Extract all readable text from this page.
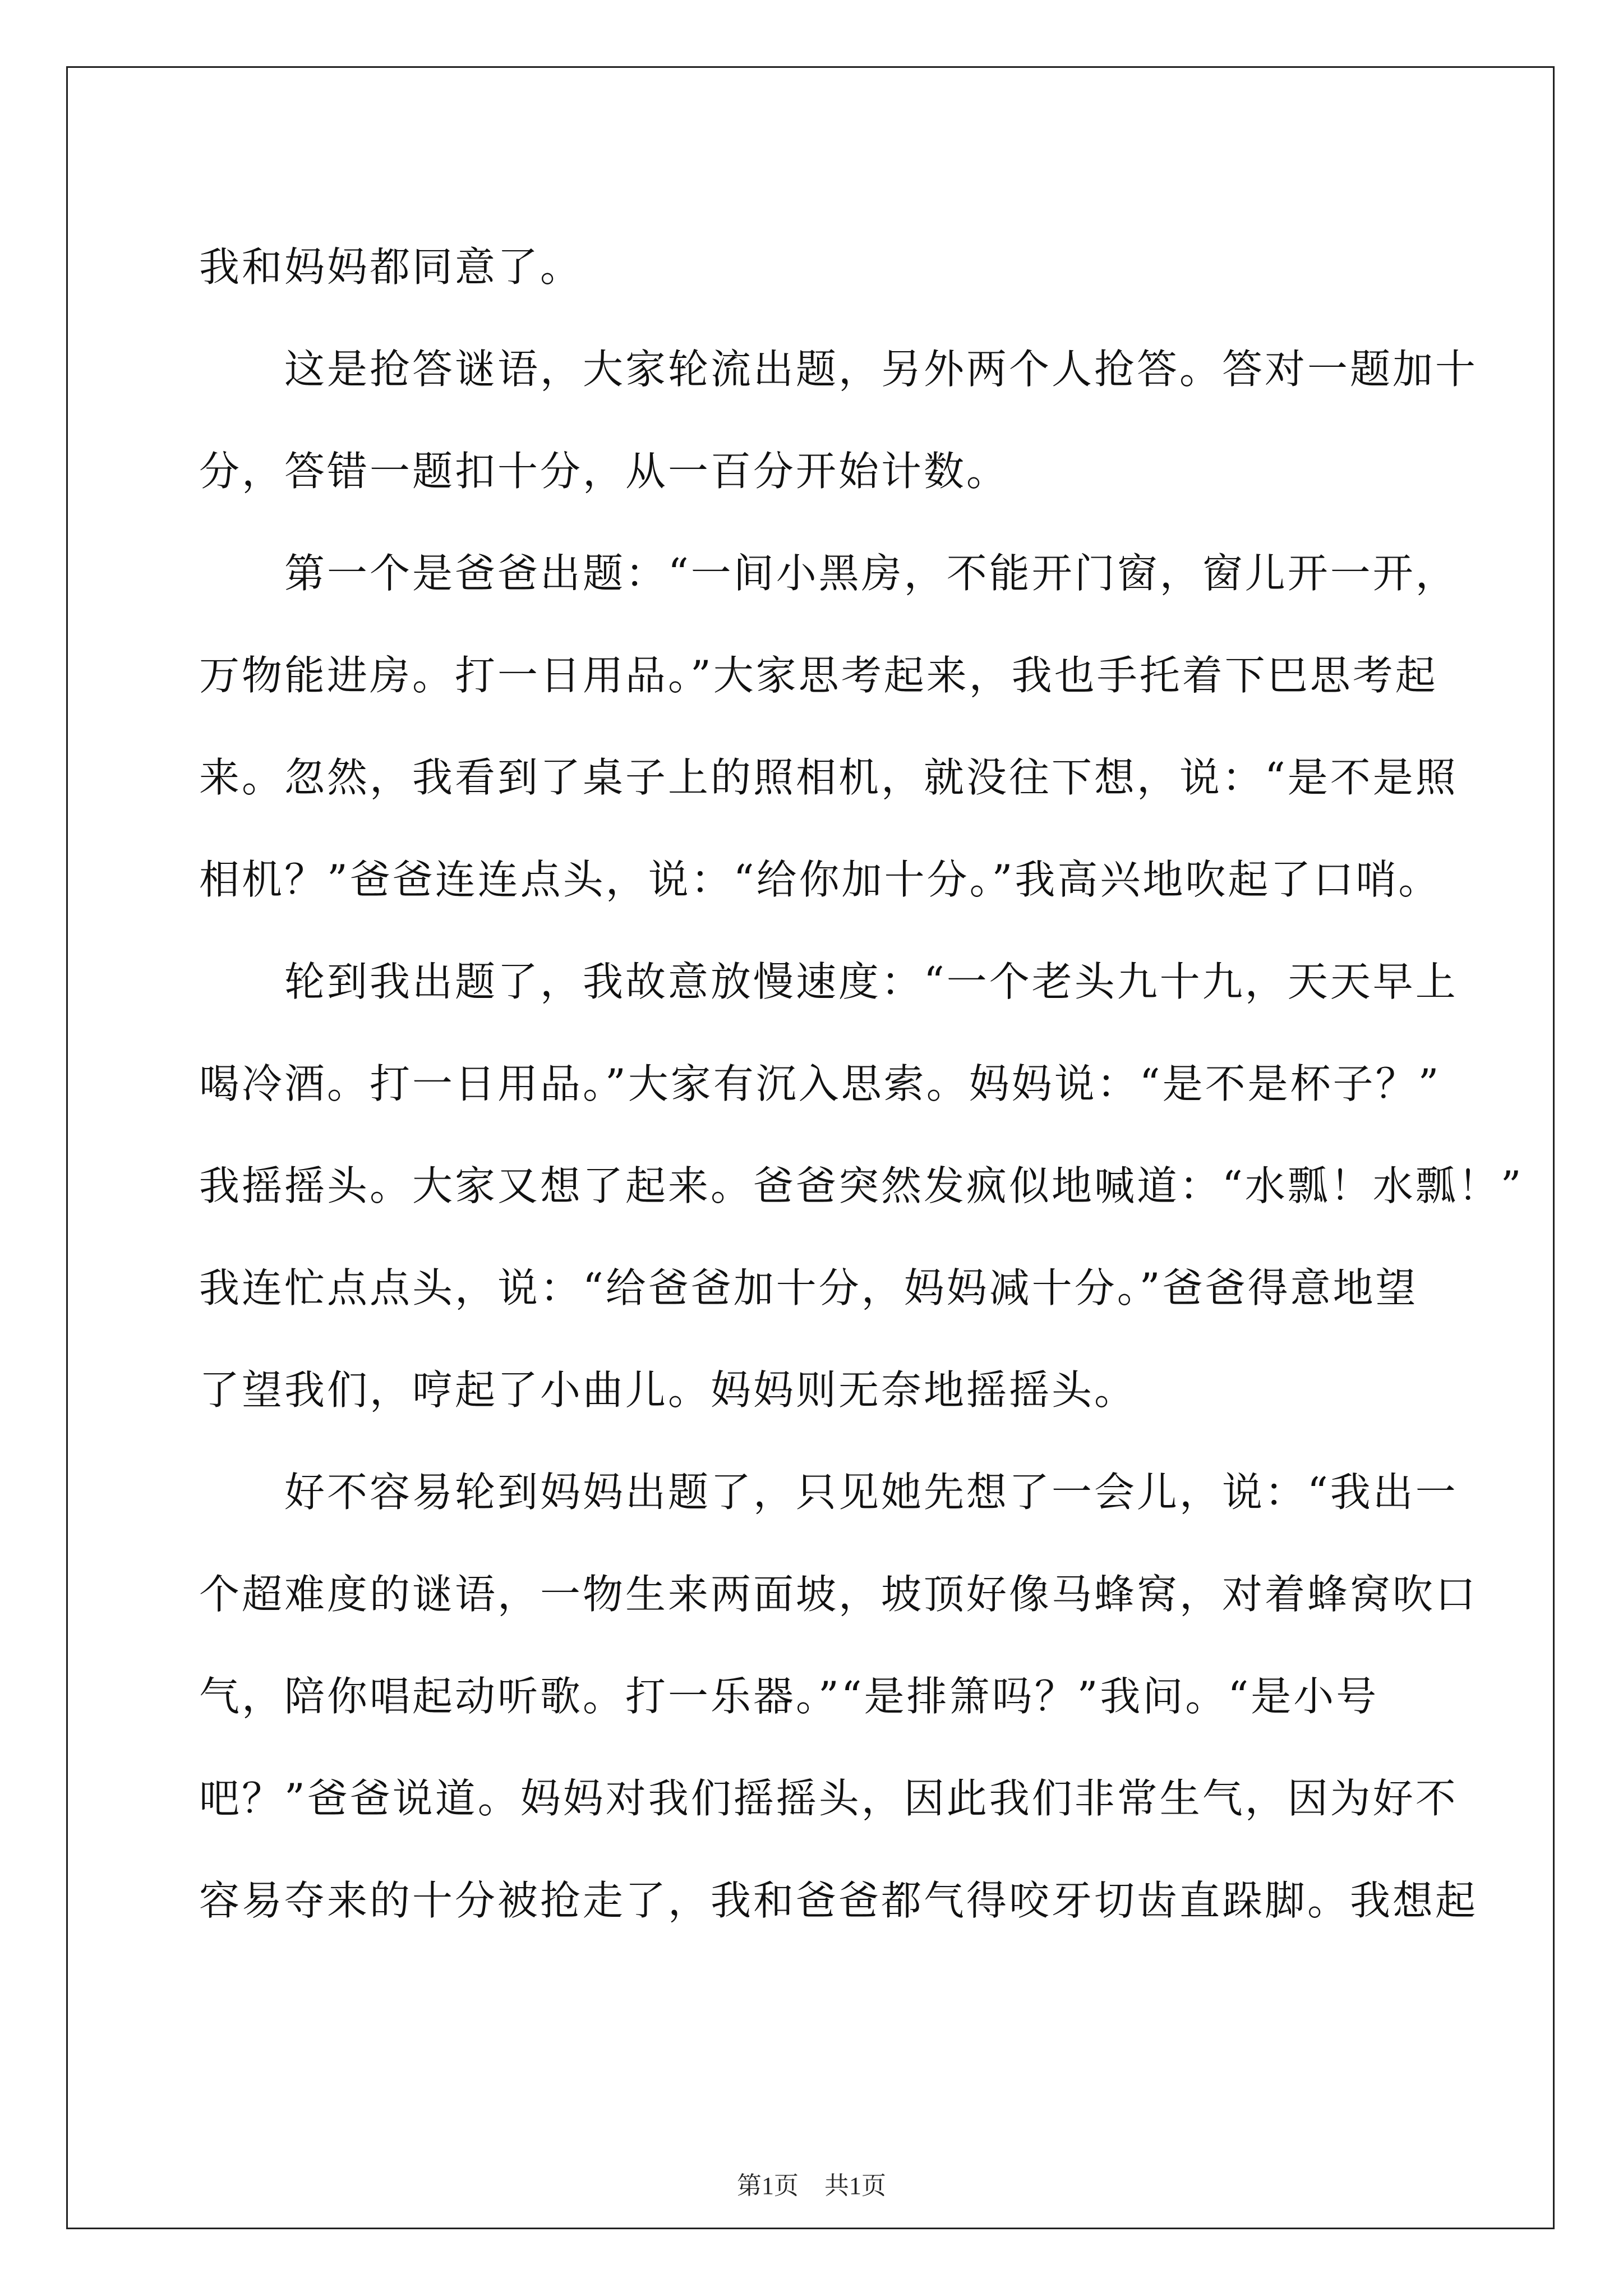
我和妈妈都同意了。
这是抢答谜语，大家轮流出题，另外两个人抢答。答对一题加十
分，答错一题扣十分，从一百分开始计数。
第一个是爸爸出题：“一间小黑房，不能开门窗，窗儿开一开，
万物能进房。打一日用品。”大家思考起来，我也手托着下巴思考起
来。忽然，我看到了桌子上的照相机，就没往下想，说：“是不是照
相机？”爸爸连连点头，说：“给你加十分。”我高兴地吹起了口哨。
轮到我出题了，我故意放慢速度：“一个老头九十九，天天早上
喝冷酒。打一日用品。”大家有沉入思索。妈妈说：“是不是杯子？”
我摇摇头。大家又想了起来。爸爸突然发疯似地喊道：“水瓢！水瓢！”
我连忙点点头，说：“给爸爸加十分，妈妈减十分。”爸爸得意地望
了望我们，哼起了小曲儿。妈妈则无奈地摇摇头。
好不容易轮到妈妈出题了，只见她先想了一会儿，说：“我出一
个超难度的谜语，一物生来两面坡，坡顶好像马蜂窝，对着蜂窝吹口
气，陪你唱起动听歌。打一乐器。”“是排箫吗？”我问。“是小号
吧？”爸爸说道。妈妈对我们摇摇头，因此我们非常生气，因为好不
容易夺来的十分被抢走了，我和爸爸都气得咬牙切齿直跺脚。我想起
第1页 共1页
